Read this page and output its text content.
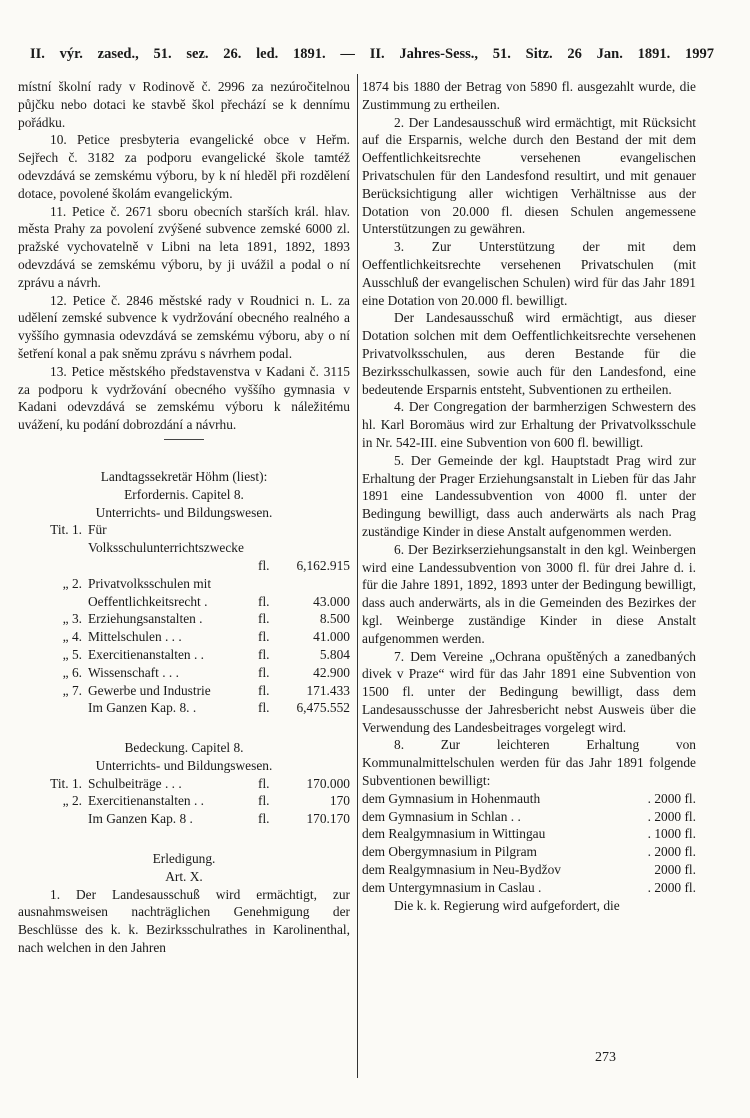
II. výr. zased., 51. sez. 26. led. 1891. — II. Jahres-Sess., 51. Sitz. 26 Jan. 1891. 1997

místní školní rady v Rodinově č. 2996 za nezúročitelnou půjčku nebo dotaci ke stavbě škol přechází se k dennímu pořádku.

10. Petice presbyteria evangelické obce v Heřm. Sejřech č. 3182 za podporu evangelické škole tamtéž odevzdává se zemskému výboru, by k ní hleděl při rozdělení dotace, povolené školám evangelickým.

11. Petice č. 2671 sboru obecních starších král. hlav. města Prahy za povolení zvýšené subvence zemské 6000 zl. pražské vychovatelně v Libni na leta 1891, 1892, 1893 odevzdává se zemskému výboru, by ji uvážil a podal o ní zprávu a návrh.

12. Petice č. 2846 městské rady v Roudnici n. L. za udělení zemské subvence k vydržování obecného realného a vyššího gymnasia odevzdává se zemskému výboru, aby o ní šetření konal a pak sněmu zprávu s návrhem podal.

13. Petice městského představenstva v Kadani č. 3115 za podporu k vydržování obecného vyššího gymnasia v Kadani odevzdává se zemskému výboru k náležitému uvážení, ku podání dobrozdání a návrhu.

Landtagssekretär Höhm (liest):
Erfordernis. Capitel 8.
Unterrichts- und Bildungswesen.
Tit. 1. Für Volksschulunterrichtszwecke
fl.	6,162.915
„ 2. Privatvolksschulen mit
Oeffentlichkeitsrecht .	fl.	43.000
„ 3. Erziehungsanstalten .	fl.	8.500
„ 4. Mittelschulen . . .	fl.	41.000
„ 5. Exercitienanstalten . .	fl.	5.804
„ 6. Wissenschaft . . .	fl.	42.900
„ 7. Gewerbe und Industrie	fl.	171.433
Im Ganzen Kap. 8. .	fl.	6,475.552
Bedeckung. Capitel 8.
Unterrichts- und Bildungswesen.
Tit. 1. Schulbeiträge . . .	fl.	170.000
„ 2. Exercitienanstalten . .	fl.	170
Im Ganzen Kap. 8 .	fl.	170.170
Erledigung.
Art. X.

1. Der Landesausschuß wird ermächtigt, zur ausnahmsweisen nachträglichen Genehmigung der Beschlüsse des k. k. Bezirksschulrathes in Karolinenthal, nach welchen in den Jahren

1874 bis 1880 der Betrag von 5890 fl. ausgezahlt wurde, die Zustimmung zu ertheilen.

2. Der Landesausschuß wird ermächtigt, mit Rücksicht auf die Ersparnis, welche durch den Bestand der mit dem Oeffentlichkeitsrechte versehenen evangelischen Privatschulen für den Landesfond resultirt, und mit genauer Berücksichtigung aller wichtigen Verhältnisse aus der Dotation von 20.000 fl. diesen Schulen angemessene Unterstützungen zu gewähren.

3. Zur Unterstützung der mit dem Oeffentlichkeitsrechte versehenen Privatschulen (mit Ausschluß der evangelischen Schulen) wird für das Jahr 1891 eine Dotation von 20.000 fl. bewilligt.

Der Landesausschuß wird ermächtigt, aus dieser Dotation solchen mit dem Oeffentlichkeitsrechte versehenen Privatvolksschulen, aus deren Bestande für die Bezirksschulkassen, sowie auch für den Landesfond, eine bedeutende Ersparnis entsteht, Subventionen zu ertheilen.

4. Der Congregation der barmherzigen Schwestern des hl. Karl Boromäus wird zur Erhaltung der Privatvolksschule in Nr. 542-III. eine Subvention von 600 fl. bewilligt.

5. Der Gemeinde der kgl. Hauptstadt Prag wird zur Erhaltung der Prager Erziehungsanstalt in Lieben für das Jahr 1891 eine Landessubvention von 4000 fl. unter der Bedingung bewilligt, dass auch anderwärts als nach Prag zuständige Kinder in diese Anstalt aufgenommen werden.

6. Der Bezirkserziehungsanstalt in den kgl. Weinbergen wird eine Landessubvention von 3000 fl. für drei Jahre d. i. für die Jahre 1891, 1892, 1893 unter der Bedingung bewilligt, dass auch anderwärts, als in die Gemeinden des Bezirkes der kgl. Weinberge zuständige Kinder in diese Anstalt aufgenommen werden.

7. Dem Vereine „Ochrana opuštěných a zanedbaných divek v Praze“ wird für das Jahr 1891 eine Subvention von 1500 fl. unter der Bedingung bewilligt, dass dem Landesausschusse der Jahresbericht nebst Ausweis über die Verwendung des Landesbeitrages vorgelegt wird.

8. Zur leichteren Erhaltung von Kommunalmittelschulen werden für das Jahr 1891 folgende Subventionen bewilligt:

dem Gymnasium in Hohenmauth	. 2000 fl.
dem Gymnasium in Schlan . .	. 2000 fl.
dem Realgymnasium in Wittingau	. 1000 fl.
dem Obergymnasium in Pilgram	. 2000 fl.
dem Realgymnasium in Neu-Bydžov	2000 fl.
dem Untergymnasium in Caslau .	. 2000 fl.

Die k. k. Regierung wird aufgefordert, die

273
